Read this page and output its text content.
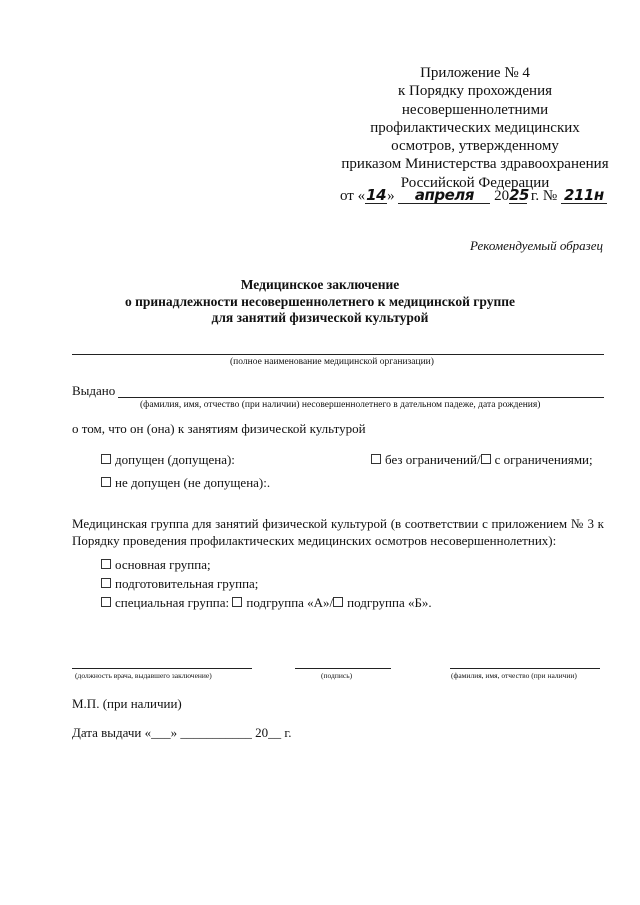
Приложение № 4
к Порядку прохождения
несовершеннолетними
профилактических медицинских
осмотров, утвержденному
приказом Министерства здравоохранения
Российской Федерации
от «14» апреля 2025 г. № 211н
Рекомендуемый образец
Медицинское заключение
о принадлежности несовершеннолетнего к медицинской группе
для занятий физической культурой
(полное наименование медицинской организации)
Выдано
(фамилия, имя, отчество (при наличии) несовершеннолетнего в дательном падеже, дата рождения)
о том, что он (она) к занятиям физической культурой
допущен (допущена):	без ограничений/ с ограничениями;
не допущен (не допущена):.
Медицинская группа для занятий физической культурой (в соответствии с приложением № 3 к Порядку проведения профилактических медицинских осмотров несовершеннолетних):
основная группа;
подготовительная группа;
специальная группа: подгруппа «А»/ подгруппа «Б».
(должность врача, выдавшего заключение)	(подпись)	(фамилия, имя, отчество (при наличии)
М.П. (при наличии)
Дата выдачи «___» ___________ 20__ г.
